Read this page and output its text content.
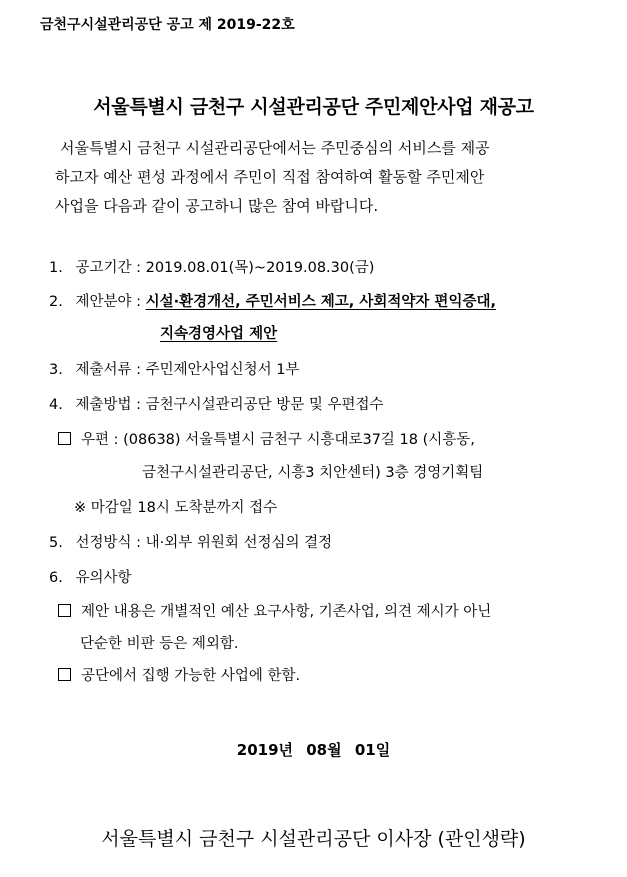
금천구시설관리공단 공고 제 2019-22호
서울특별시 금천구 시설관리공단 주민제안사업 재공고
서울특별시 금천구 시설관리공단에서는 주민중심의 서비스를 제공
하고자 예산 편성 과정에서 주민이 직접 참여하여 활동할 주민제안
사업을 다음과 같이 공고하니 많은 참여 바랍니다.
1. 공고기간 : 2019.08.01(목)~2019.08.30(금)
2. 제안분야 : 시설·환경개선, 주민서비스 제고, 사회적약자 편익증대,
지속경영사업 제안
3. 제출서류 : 주민제안사업신청서 1부
4. 제출방법 : 금천구시설관리공단 방문 및 우편접수
우편 : (08638) 서울특별시 금천구 시흥대로37길 18 (시흥동,
금천구시설관리공단, 시흥3 치안센터) 3층 경영기획팀
※ 마감일 18시 도착분까지 접수
5. 선정방식 : 내·외부 위원회 선정심의 결정
6. 유의사항
제안 내용은 개별적인 예산 요구사항, 기존사업, 의견 제시가 아닌
단순한 비판 등은 제외함.
공단에서 집행 가능한 사업에 한함.
2019년 08월 01일
서울특별시 금천구 시설관리공단 이사장 (관인생략)
